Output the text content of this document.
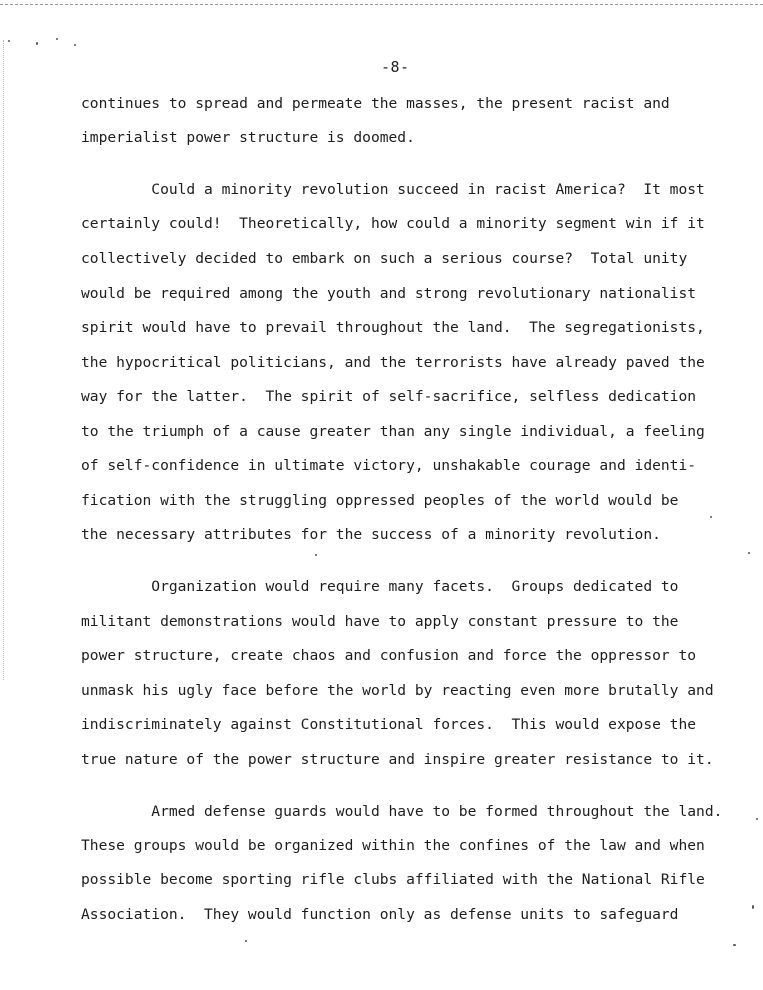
-8-
continues to spread and permeate the masses, the present racist and
imperialist power structure is doomed.
Could a minority revolution succeed in racist America?  It most
certainly could!  Theoretically, how could a minority segment win if it
collectively decided to embark on such a serious course?  Total unity
would be required among the youth and strong revolutionary nationalist
spirit would have to prevail throughout the land.  The segregationists,
the hypocritical politicians, and the terrorists have already paved the
way for the latter.  The spirit of self-sacrifice, selfless dedication
to the triumph of a cause greater than any single individual, a feeling
of self-confidence in ultimate victory, unshakable courage and identi-
fication with the struggling oppressed peoples of the world would be
the necessary attributes for the success of a minority revolution.
Organization would require many facets.  Groups dedicated to
militant demonstrations would have to apply constant pressure to the
power structure, create chaos and confusion and force the oppressor to
unmask his ugly face before the world by reacting even more brutally and
indiscriminately against Constitutional forces.  This would expose the
true nature of the power structure and inspire greater resistance to it.
Armed defense guards would have to be formed throughout the land.
These groups would be organized within the confines of the law and when
possible become sporting rifle clubs affiliated with the National Rifle
Association.  They would function only as defense units to safeguard
